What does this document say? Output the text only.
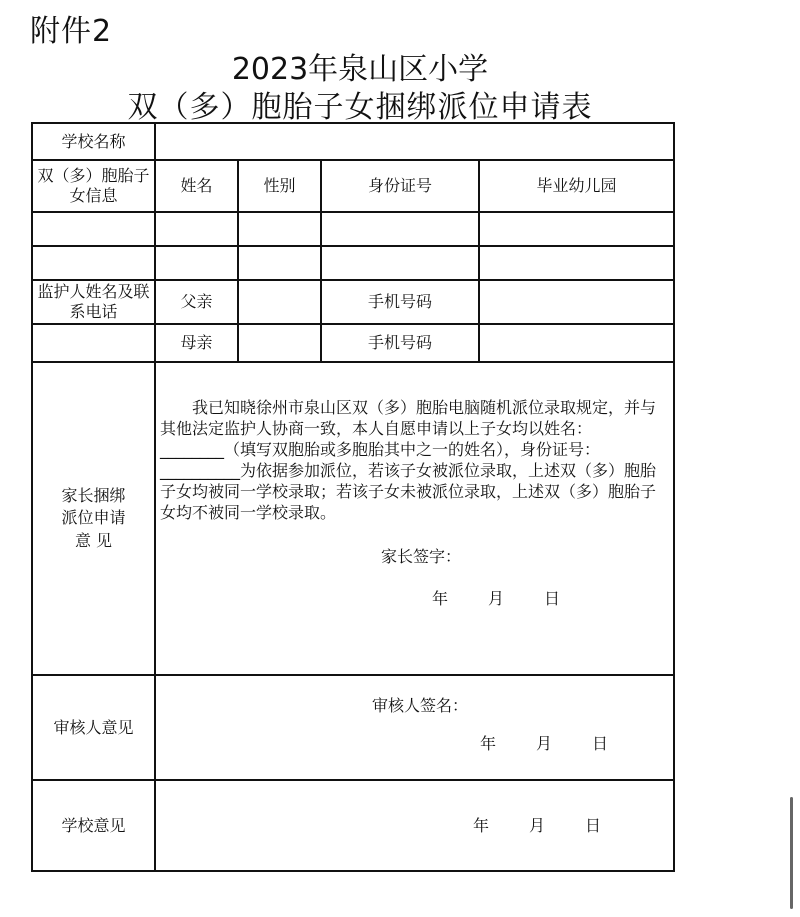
附件2
2023年泉山区小学
双（多）胞胎子女捆绑派位申请表
学校名称				
双（多）胞胎子女信息	姓名	性别	身份证号	毕业幼儿园

监护人姓名及联系电话	父亲		手机号码	
	母亲		手机号码	

家长捆绑派位申请 意 见	我已知晓徐州市泉山区双（多）胞胎电脑随机派位录取规定，并与其他法定监护人协商一致，本人自愿申请以上子女均以姓名：
________（填写双胞胎或多胞胎其中之一的姓名），身份证号：__________为依据参加派位，若该子女被派位录取，上述双（多）胞胎子女均被同一学校录取；若该子女未被派位录取，上述双（多）胞胎子女均不被同一学校录取。
家长签字：
年 月 日			

审核人意见	审核人签名：
年 月 日			

学校意见	年 月 日			
